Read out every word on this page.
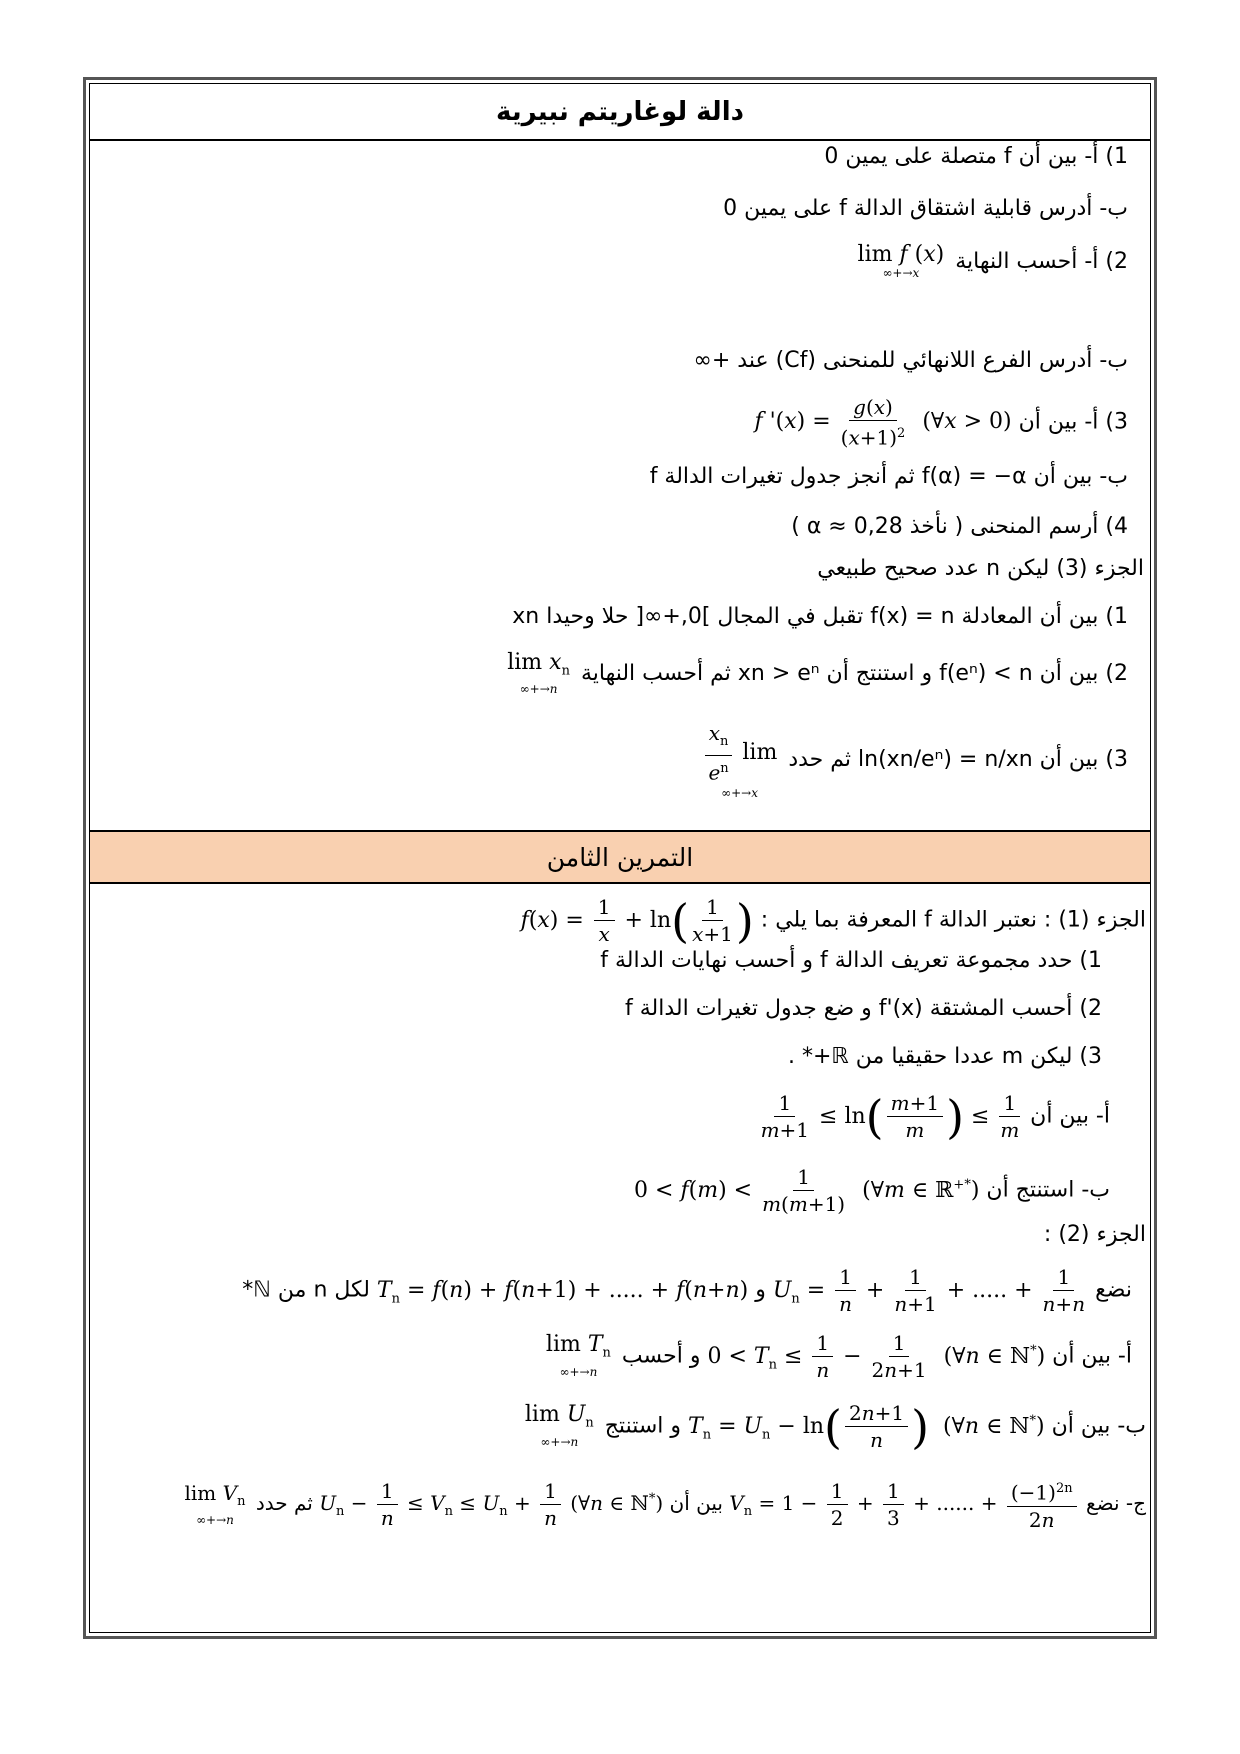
دالة لوغاريتم نبيرية
1) أ- بين أن f متصلة على يمين 0
ب- أدرس قابلية اشتقاق الدالة f على يمين 0
2) أ- أحسب النهاية
lim f (x)
x→+∞
ب- أدرس الفرع اللانهائي للمنحنى (Cf) عند +∞
3) أ- بين أن f '$(x) = \frac{g(x)}{(x+1)^2}$ (∀x > 0)
ب- بين أن f(α) = −α ثم أنجز جدول تغيرات الدالة f
4) أرسم المنحنى ( نأخذ α ≈ 0,28 )
الجزء (3) ليكن n عدد صحيح طبيعي
1) بين أن المعادلة f(x) = n تقبل في المجال ]0,+∞[ حلا وحيدا xn
2) بين أن f(eⁿ) < n و استنتج أن xn > eⁿ ثم أحسب النهاية
$\lim x_n$
n→+∞
3) بين أن ln(xn/eⁿ) = n/xn ثم حدد
lim
$\frac{x_n}{e^n}$
x→+∞
التمرين الثامن
الجزء (1) : نعتبر الدالة f المعرفة بما يلي : $f(x) = \frac{1}{x} + \ln( \frac{1}{x+1}$ )
1) حدد مجموعة تعريف الدالة f و أحسب نهايات الدالة f
2) أحسب المشتقة f'(x) و ضع جدول تغيرات الدالة f
3) ليكن m عددا حقيقيا من ℝ+* .
أ- بين أن
$\frac{1}{m+1} \le \ln( \frac{m+1}{m}$ ) ≤ $\frac{1}{m}$
ب- استنتج أن $0 < f(m) < \frac{1}{m(m+1)}$ (∀m ∈ ℝ+*)
الجزء (2) :
نضع $U_n = \frac{1}{n} + \frac{1}{n+1}$ + ..... + $\frac{1}{n+n}$
و $T_n = f(n) + f(n+1)$ + ..... + f(n+n) لكل n من ℕ*
أ- بين أن $0 < T_n \le \frac{1}{n} - \frac{1}{2n+1}$ (∀n ∈ ℕ*) و أحسب
$\lim T_n$
n→+∞
ب- بين أن $T_n = U_n - \ln( \frac{2n+1}{n}$ )  (∀n ∈ ℕ*) و استنتج
$\lim U_n$
n→+∞
ج- نضع $V_n = 1 - \frac{1}{2} + \frac{1}{3}$ + ...... + $\frac{(-1)^{2n}}{2n}$
بين أن $U_n - \frac{1}{n} \le V_n \le U_n + \frac{1}{n}$ (∀n ∈ ℕ*) ثم حدد
$\lim V_n$
n→+∞
